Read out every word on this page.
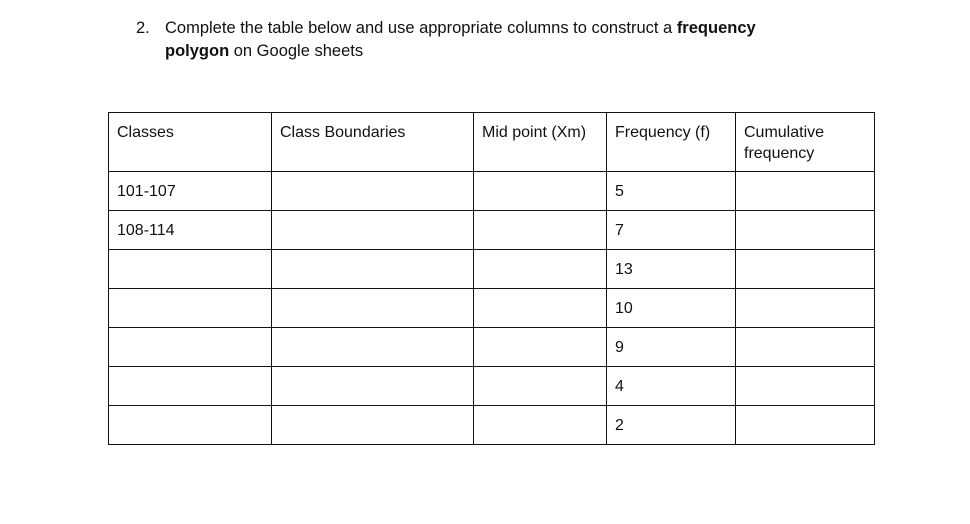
2. Complete the table below and use appropriate columns to construct a frequency
polygon on Google sheets
Classes	Class Boundaries	Mid point (Xm)	Frequency (f)	Cumulative frequency
101-107			5	
108-114			7	
			13	
			10	
			9	
			4	
			2	
